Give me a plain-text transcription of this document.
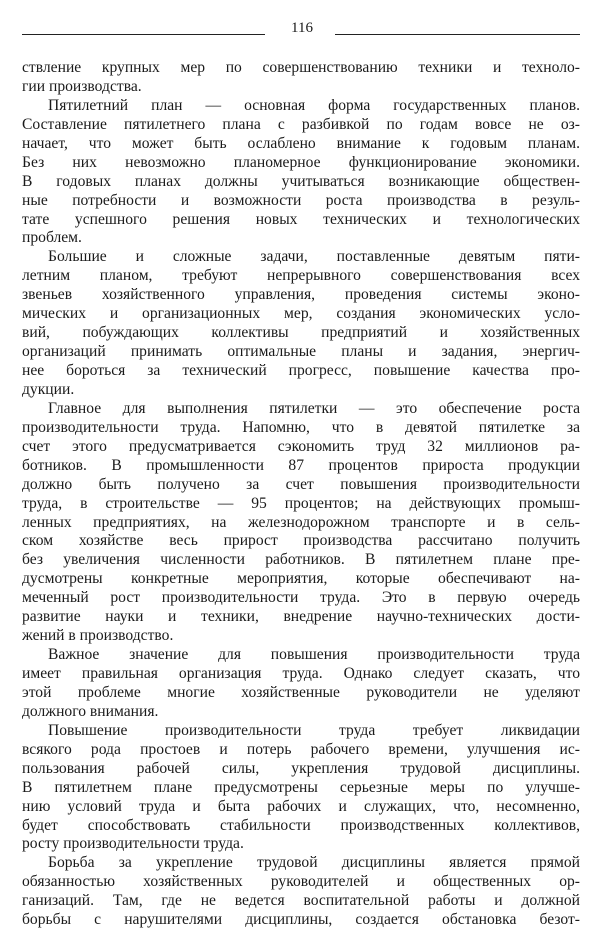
116
ствление крупных мер по совершенствованию техники и техноло-
гии производства.
Пятилетний план — основная форма государственных планов.
Составление пятилетнего плана с разбивкой по годам вовсе не оз-
начает, что может быть ослаблено внимание к годовым планам.
Без них невозможно планомерное функционирование экономики.
В годовых планах должны учитываться возникающие обществен-
ные потребности и возможности роста производства в резуль-
тате успешного решения новых технических и технологических
проблем.
Большие и сложные задачи, поставленные девятым пяти-
летним планом, требуют непрерывного совершенствования всех
звеньев хозяйственного управления, проведения системы эконо-
мических и организационных мер, создания экономических усло-
вий, побуждающих коллективы предприятий и хозяйственных
организаций принимать оптимальные планы и задания, энергич-
нее бороться за технический прогресс, повышение качества про-
дукции.
Главное для выполнения пятилетки — это обеспечение роста
производительности труда. Напомню, что в девятой пятилетке за
счет этого предусматривается сэкономить труд 32 миллионов ра-
ботников. В промышленности 87 процентов прироста продукции
должно быть получено за счет повышения производительности
труда, в строительстве — 95 процентов; на действующих промыш-
ленных предприятиях, на железнодорожном транспорте и в сель-
ском хозяйстве весь прирост производства рассчитано получить
без увеличения численности работников. В пятилетнем плане пре-
дусмотрены конкретные мероприятия, которые обеспечивают на-
меченный рост производительности труда. Это в первую очередь
развитие науки и техники, внедрение научно-технических дости-
жений в производство.
Важное значение для повышения производительности труда
имеет правильная организация труда. Однако следует сказать, что
этой проблеме многие хозяйственные руководители не уделяют
должного внимания.
Повышение производительности труда требует ликвидации
всякого рода простоев и потерь рабочего времени, улучшения ис-
пользования рабочей силы, укрепления трудовой дисциплины.
В пятилетнем плане предусмотрены серьезные меры по улучше-
нию условий труда и быта рабочих и служащих, что, несомненно,
будет способствовать стабильности производственных коллективов,
росту производительности труда.
Борьба за укрепление трудовой дисциплины является прямой
обязанностью хозяйственных руководителей и общественных ор-
ганизаций. Там, где не ведется воспитательной работы и должной
борьбы с нарушителями дисциплины, создается обстановка безот-
